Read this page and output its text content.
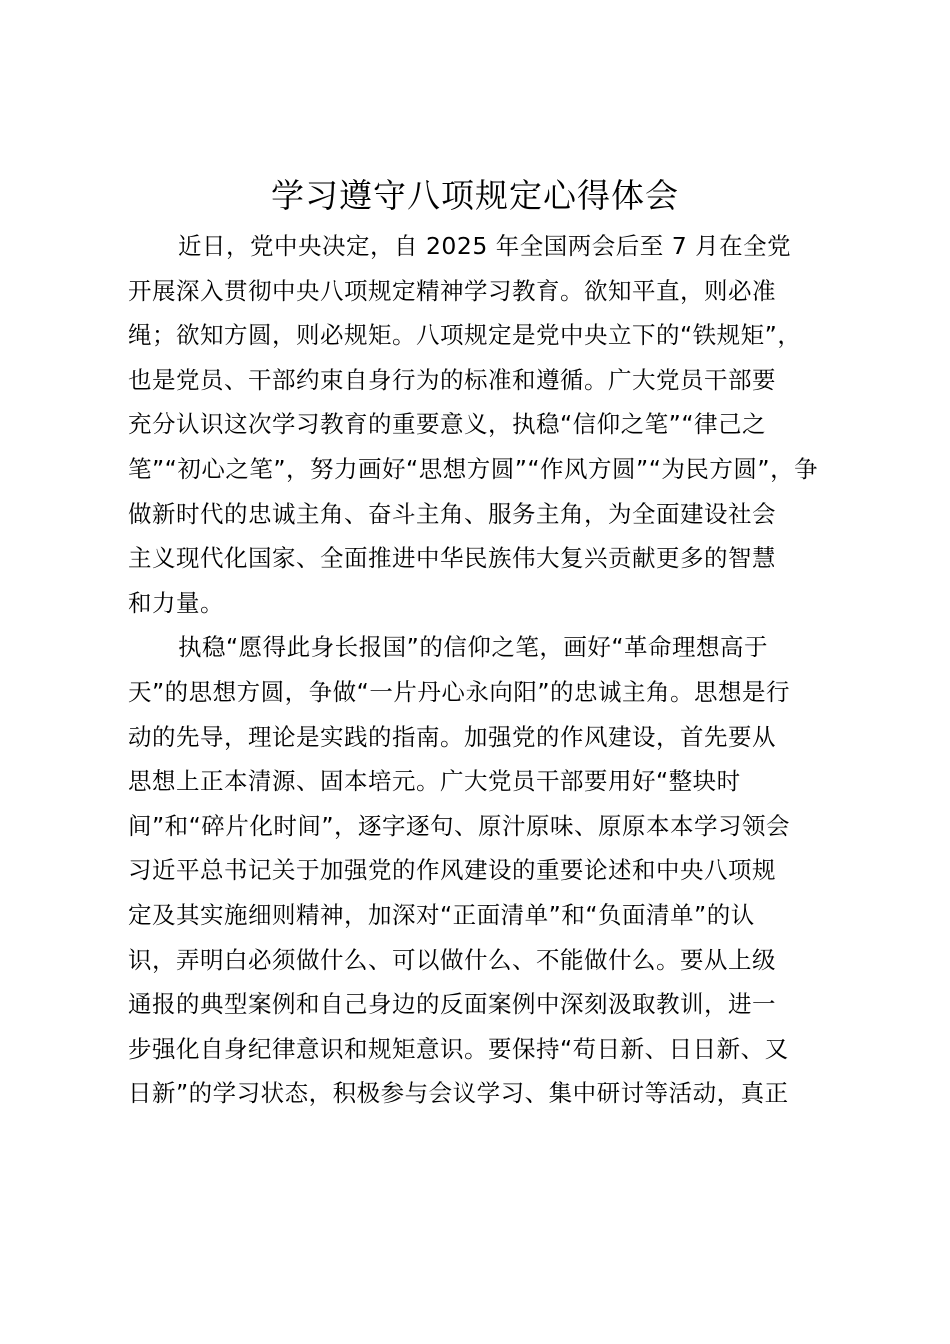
学习遵守八项规定心得体会
近日，党中央决定，自 2025 年全国两会后至 7 月在全党
开展深入贯彻中央八项规定精神学习教育。欲知平直，则必准
绳；欲知方圆，则必规矩。八项规定是党中央立下的“铁规矩”，
也是党员、干部约束自身行为的标准和遵循。广大党员干部要
充分认识这次学习教育的重要意义，执稳“信仰之笔”“律己之
笔”“初心之笔”，努力画好“思想方圆”“作风方圆”“为民方圆”，争
做新时代的忠诚主角、奋斗主角、服务主角，为全面建设社会
主义现代化国家、全面推进中华民族伟大复兴贡献更多的智慧
和力量。
执稳“愿得此身长报国”的信仰之笔，画好“革命理想高于
天”的思想方圆，争做“一片丹心永向阳”的忠诚主角。思想是行
动的先导，理论是实践的指南。加强党的作风建设，首先要从
思想上正本清源、固本培元。广大党员干部要用好“整块时
间”和“碎片化时间”，逐字逐句、原汁原味、原原本本学习领会
习近平总书记关于加强党的作风建设的重要论述和中央八项规
定及其实施细则精神，加深对“正面清单”和“负面清单”的认
识，弄明白必须做什么、可以做什么、不能做什么。要从上级
通报的典型案例和自己身边的反面案例中深刻汲取教训，进一
步强化自身纪律意识和规矩意识。要保持“苟日新、日日新、又
日新”的学习状态，积极参与会议学习、集中研讨等活动，真正
